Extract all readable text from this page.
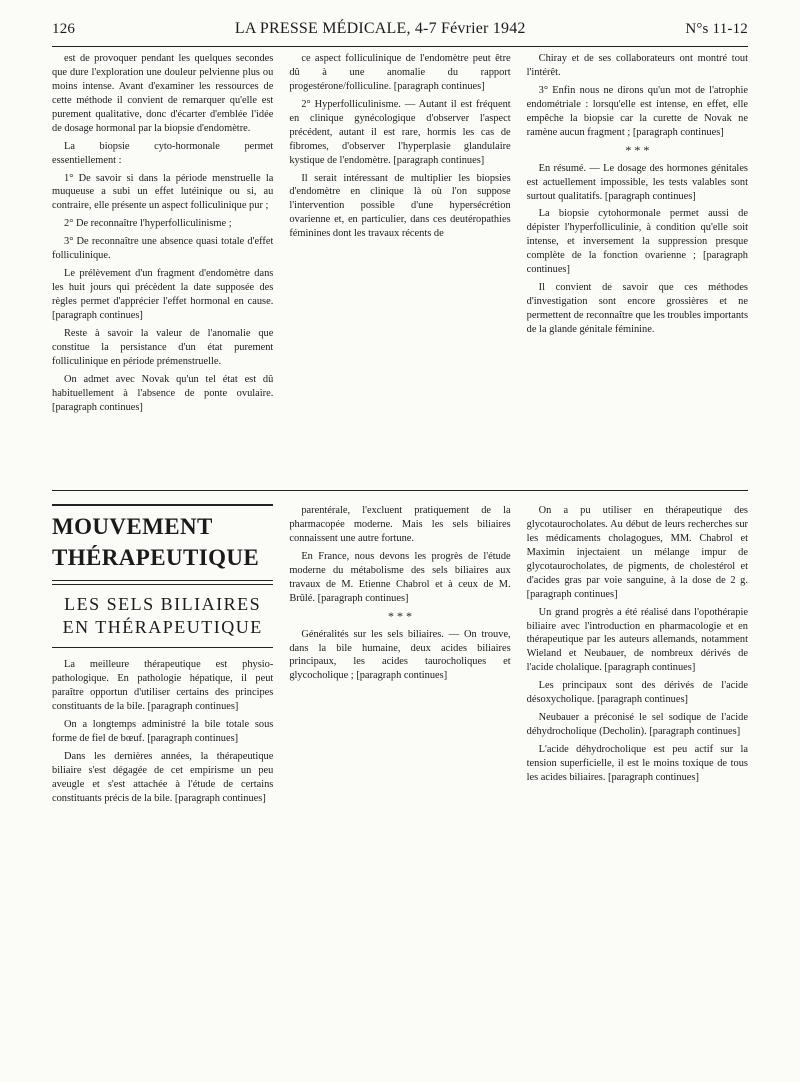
126	LA PRESSE MÉDICALE, 4-7 Février 1942	N°s 11-12

est de provoquer pendant les quelques secondes que dure l'exploration une douleur pelvienne plus ou moins intense. Avant d'examiner les ressources de cette méthode il convient de remarquer qu'elle est purement qualitative, donc d'écarter d'emblée l'idée de dosage hormonal par la biopsie d'endomètre.

La biopsie cyto-hormonale permet essentiellement :

1° De savoir si dans la période menstruelle la muqueuse a subi un effet lutéinique ou si, au contraire, elle présente un aspect folliculinique pur ;

2° De reconnaître l'hyperfolliculinisme ;

3° De reconnaître une absence quasi totale d'effet folliculinique.

Le prélèvement d'un fragment d'endomètre dans les huit jours qui précèdent la date supposée des règles permet d'apprécier l'effet hormonal en cause. [paragraph continues]

Reste à savoir la valeur de l'anomalie que constitue la persistance d'un état purement folliculinique en période prémenstruelle.

On admet avec Novak qu'un tel état est dû habituellement à l'absence de ponte ovulaire. [paragraph continues]

ce aspect folliculinique de l'endomètre peut être dû à une anomalie du rapport progestérone/folliculine. [paragraph continues]

2° Hyperfolliculinisme. — Autant il est fréquent en clinique gynécologique d'observer l'aspect précédent, autant il est rare, hormis les cas de fibromes, d'observer l'hyperplasie glandulaire kystique de l'endomètre. [paragraph continues]

Il serait intéressant de multiplier les biopsies d'endomètre en clinique là où l'on suppose l'intervention possible d'une hypersécrétion ovarienne et, en particulier, dans ces deutéropathies féminines dont les travaux récents de

Chiray et de ses collaborateurs ont montré tout l'intérêt.

3° Enfin nous ne dirons qu'un mot de l'atrophie endométriale : lorsqu'elle est intense, en effet, elle empêche la biopsie car la curette de Novak ne ramène aucun fragment ; [paragraph continues]

* * *

En résumé. — Le dosage des hormones génitales est actuellement impossible, les tests valables sont surtout qualitatifs. [paragraph continues]

La biopsie cytohormonale permet aussi de dépister l'hyperfolliculinie, à condition qu'elle soit intense, et inversement la suppression presque complète de la fonction ovarienne ; [paragraph continues]

Il convient de savoir que ces méthodes d'investigation sont encore grossières et ne permettent de reconnaître que les troubles importants de la glande génitale féminine.

MOUVEMENT THÉRAPEUTIQUE
LES SELS BILIAIRES EN THÉRAPEUTIQUE

La meilleure thérapeutique est physio-pathologique. En pathologie hépatique, il peut paraître opportun d'utiliser certains des principes constituants de la bile. [paragraph continues]

On a longtemps administré la bile totale sous forme de fiel de bœuf. [paragraph continues]

Dans les dernières années, la thérapeutique biliaire s'est dégagée de cet empirisme un peu aveugle et s'est attachée à l'étude de certains constituants précis de la bile. [paragraph continues]

parentérale, l'excluent pratiquement de la pharmacopée moderne. Mais les sels biliaires connaissent une autre fortune.

En France, nous devons les progrès de l'étude moderne du métabolisme des sels biliaires aux travaux de M. Etienne Chabrol et à ceux de M. Brûlé. [paragraph continues]

* * *

Généralités sur les sels biliaires. — On trouve, dans la bile humaine, deux acides biliaires principaux, les acides taurocholiques et glycocholique ; [paragraph continues]

On a pu utiliser en thérapeutique des glycotaurocholates. Au début de leurs recherches sur les médicaments cholagogues, MM. Chabrol et Maximin injectaient un mélange impur de glycotaurocholates, de pigments, de cholestérol et d'acides gras par voie sanguine, à la dose de 2 g. [paragraph continues]

Un grand progrès a été réalisé dans l'opothérapie biliaire avec l'introduction en pharmacologie et en thérapeutique par les auteurs allemands, notamment Wieland et Neubauer, de nombreux dérivés de l'acide cholalique. [paragraph continues]

Les principaux sont des dérivés de l'acide désoxycholique. [paragraph continues]

Neubauer a préconisé le sel sodique de l'acide déhydrocholique (Decholin). [paragraph continues]

L'acide déhydrocholique est peu actif sur la tension superficielle, il est le moins toxique de tous les acides biliaires. [paragraph continues]
